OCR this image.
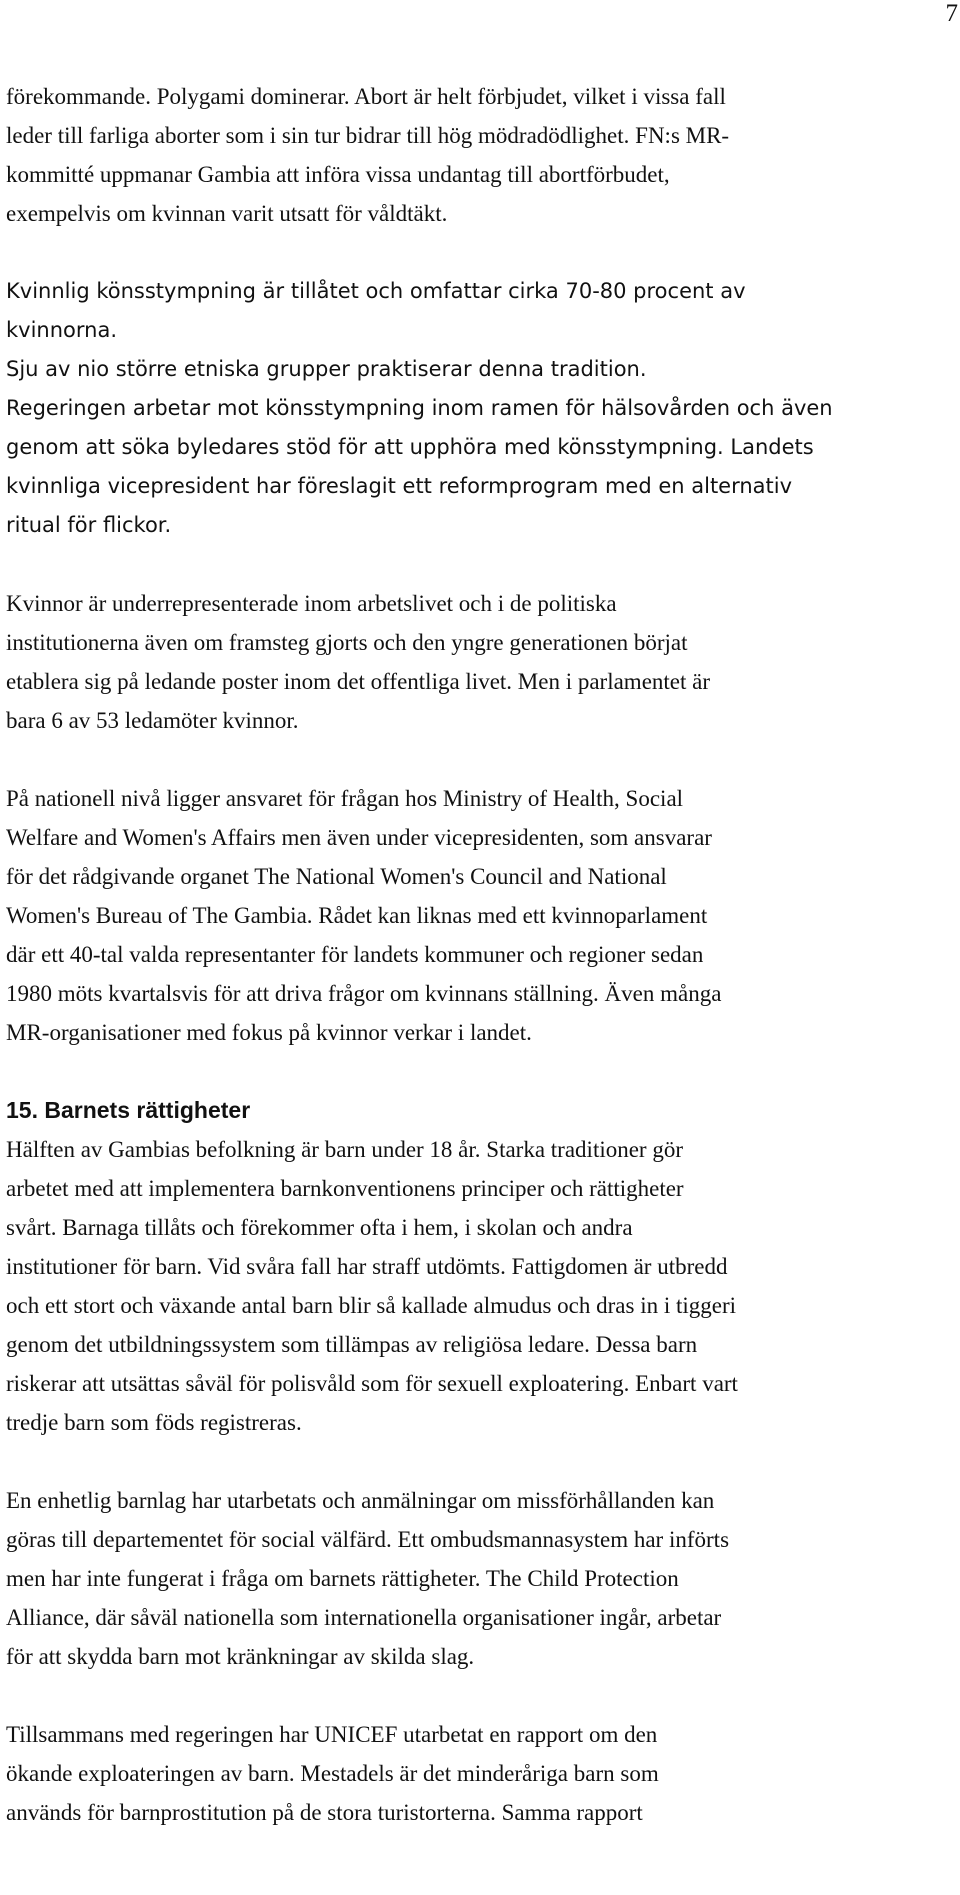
7

förekommande. Polygami dominerar. Abort är helt förbjudet, vilket i vissa fall
leder till farliga aborter som i sin tur bidrar till hög mödradödlighet. FN:s MR-
kommitté uppmanar Gambia att införa vissa undantag till abortförbudet,
exempelvis om kvinnan varit utsatt för våldtäkt.

Kvinnlig könsstympning är tillåtet och omfattar cirka 70-80 procent av
kvinnorna.

Sju av nio större etniska grupper praktiserar denna tradition.
Regeringen arbetar mot könsstympning inom ramen för hälsovården och även
genom att söka byledares stöd för att upphöra med könsstympning. Landets
kvinnliga vicepresident har föreslagit ett reformprogram med en alternativ
ritual för flickor.

Kvinnor är underrepresenterade inom arbetslivet och i de politiska
institutionerna även om framsteg gjorts och den yngre generationen börjat
etablera sig på ledande poster inom det offentliga livet. Men i parlamentet är
bara 6 av 53 ledamöter kvinnor.

På nationell nivå ligger ansvaret för frågan hos Ministry of Health, Social
Welfare and Women's Affairs men även under vicepresidenten, som ansvarar
för det rådgivande organet The National Women's Council and National
Women's Bureau of The Gambia. Rådet kan liknas med ett kvinnoparlament
där ett 40-tal valda representanter för landets kommuner och regioner sedan
1980 möts kvartalsvis för att driva frågor om kvinnans ställning. Även många
MR-organisationer med fokus på kvinnor verkar i landet.

15. Barnets rättigheter

Hälften av Gambias befolkning är barn under 18 år. Starka traditioner gör
arbetet med att implementera barnkonventionens principer och rättigheter
svårt. Barnaga tillåts och förekommer ofta i hem, i skolan och andra
institutioner för barn. Vid svåra fall har straff utdömts. Fattigdomen är utbredd
och ett stort och växande antal barn blir så kallade almudus och dras in i tiggeri
genom det utbildningssystem som tillämpas av religiösa ledare. Dessa barn
riskerar att utsättas såväl för polisvåld som för sexuell exploatering. Enbart vart
tredje barn som föds registreras.

En enhetlig barnlag har utarbetats och anmälningar om missförhållanden kan
göras till departementet för social välfärd. Ett ombudsmannasystem har införts
men har inte fungerat i fråga om barnets rättigheter. The Child Protection
Alliance, där såväl nationella som internationella organisationer ingår, arbetar
för att skydda barn mot kränkningar av skilda slag.

Tillsammans med regeringen har UNICEF utarbetat en rapport om den
ökande exploateringen av barn. Mestadels är det minderåriga barn som
används för barnprostitution på de stora turistorterna. Samma rapport
